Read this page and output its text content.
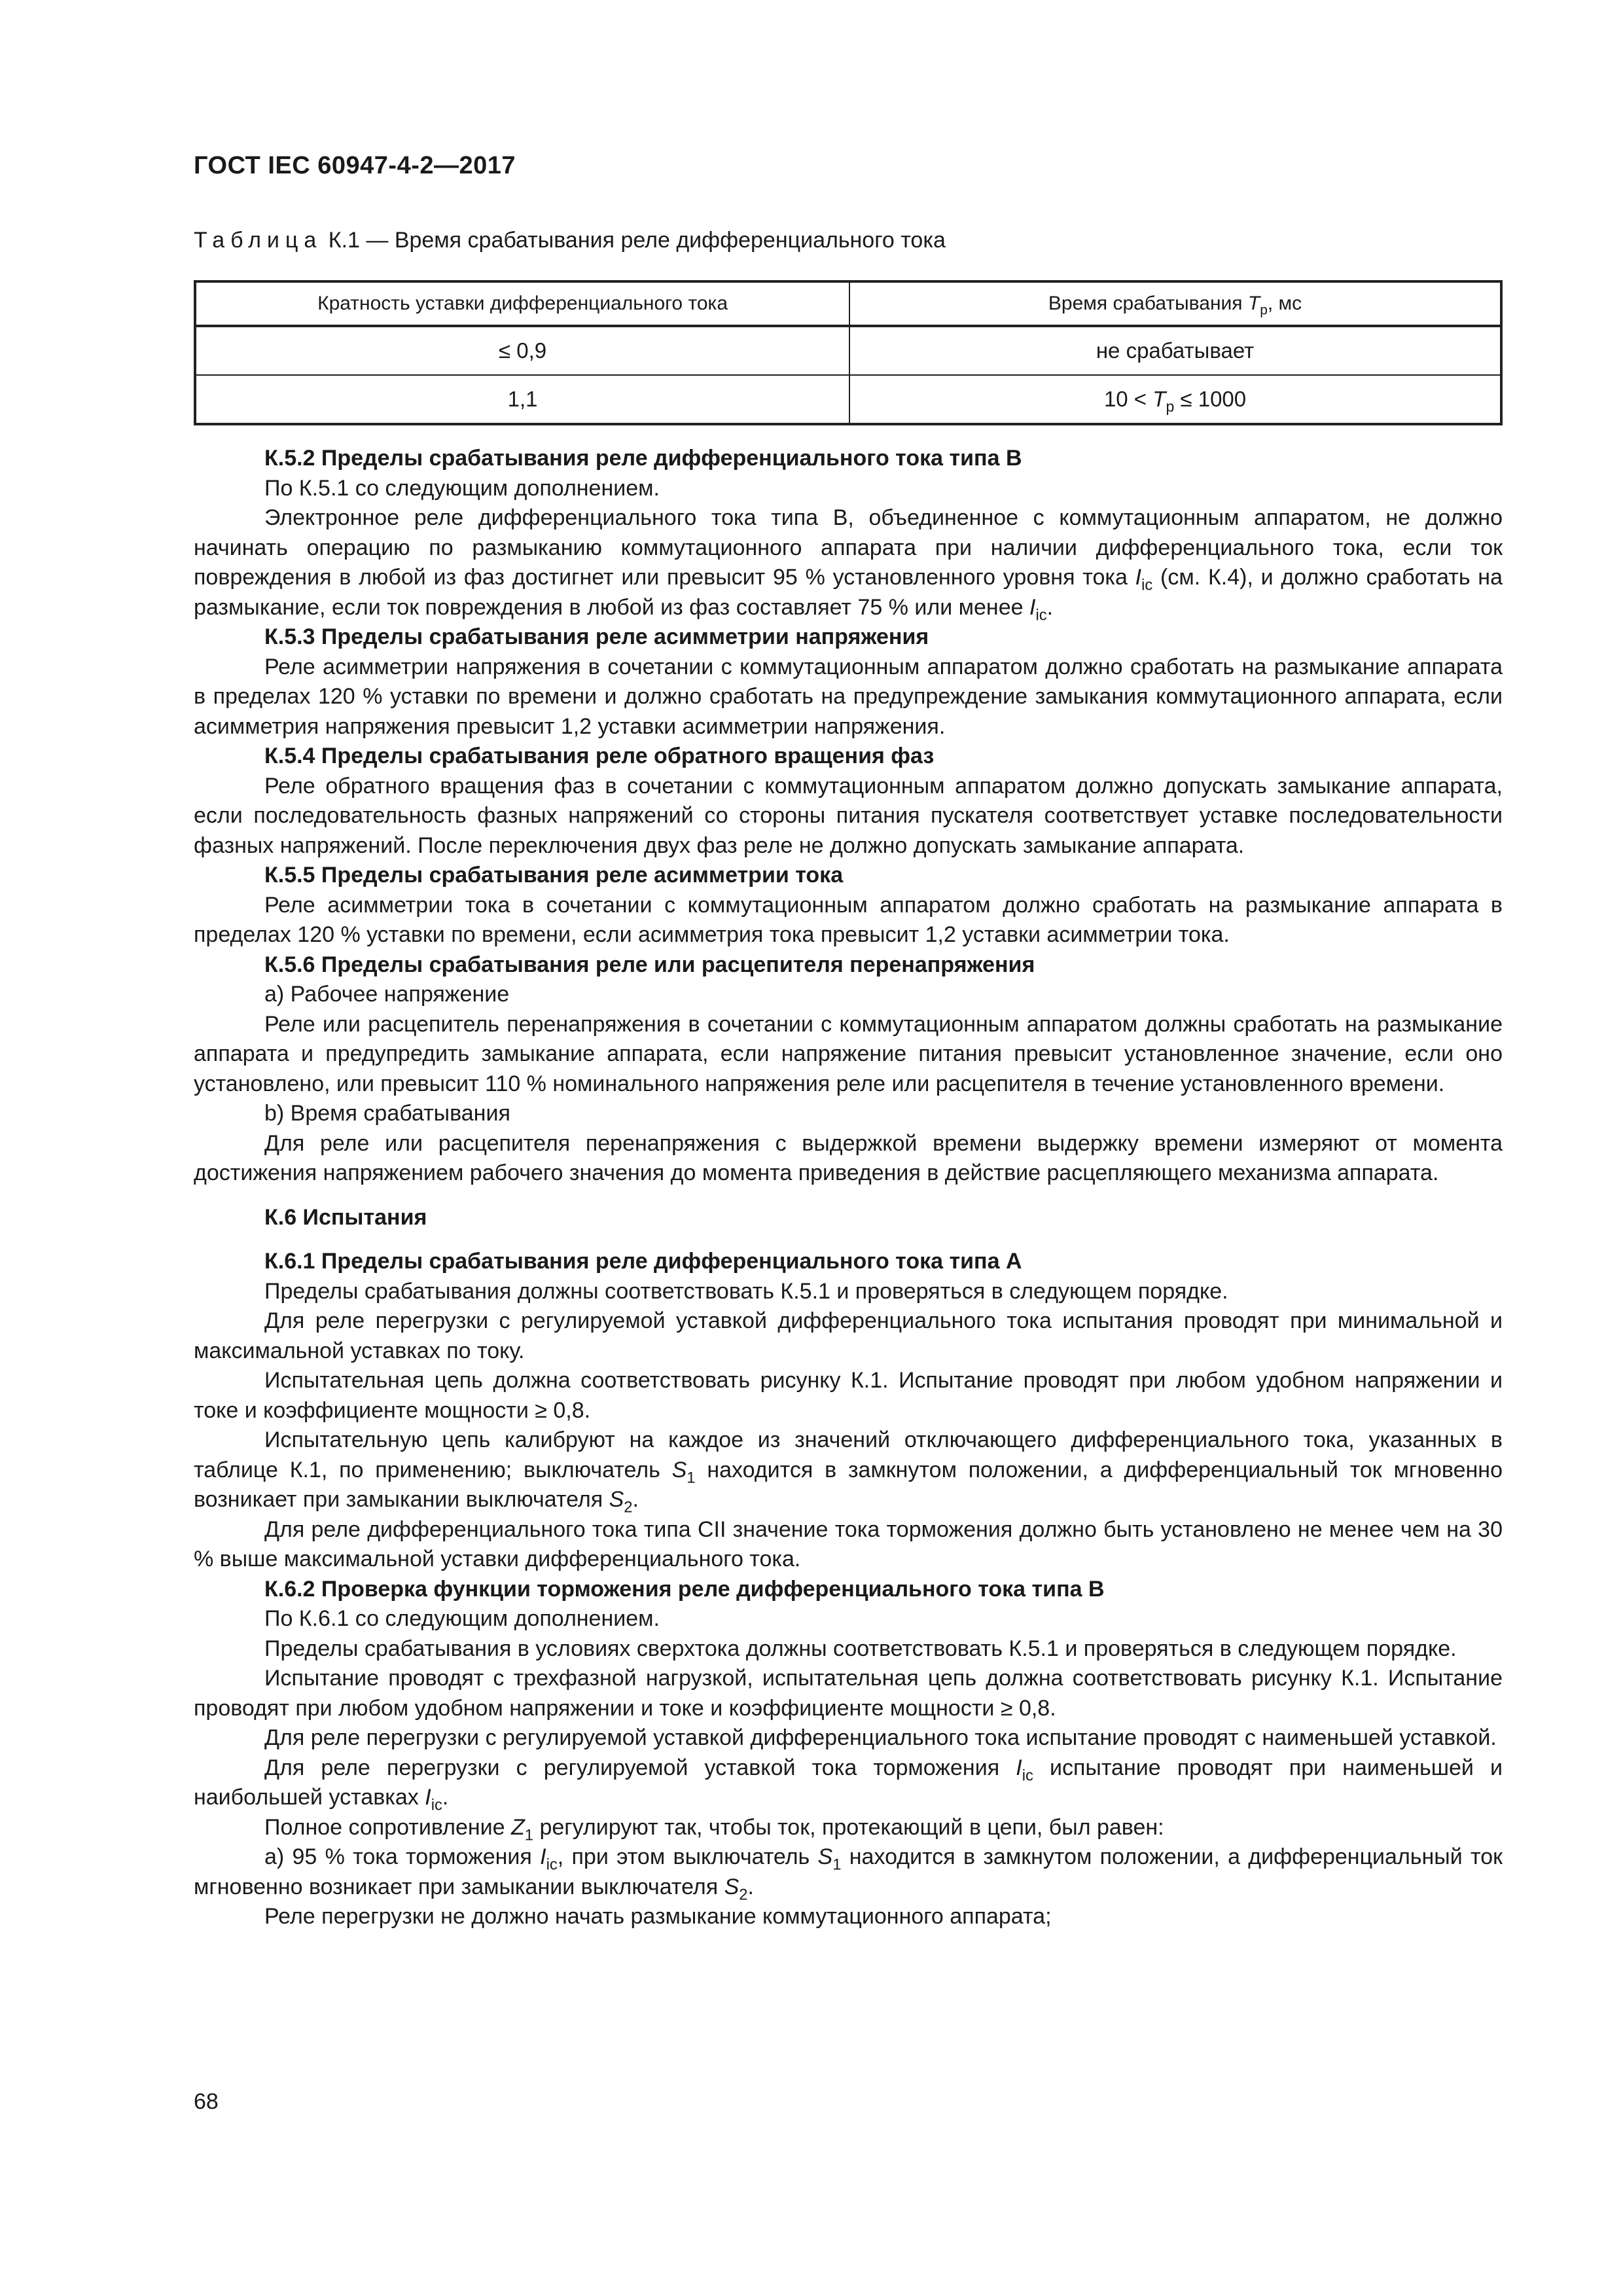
ГОСТ IEC 60947-4-2—2017
Таблица К.1 — Время срабатывания реле дифференциального тока
Кратность уставки дифференциального тока	Время срабатывания $T_p$, мс
≤ 0,9	не срабатывает
1,1	$10 < T_p \le 1000$

К.5.2 Пределы срабатывания реле дифференциального тока типа В

По К.5.1 со следующим дополнением.

Электронное реле дифференциального тока типа В, объединенное с коммутационным аппаратом, не должно начинать операцию по размыканию коммутационного аппарата при наличии дифференциального тока, если ток повреждения в любой из фаз достигнет или превысит 95 % установленного уровня тока $I_{ic}$ (см. К.4), и должно сработать на размыкание, если ток повреждения в любой из фаз составляет 75 % или менее $I_{ic}$.

К.5.3 Пределы срабатывания реле асимметрии напряжения

Реле асимметрии напряжения в сочетании с коммутационным аппаратом должно сработать на размыкание аппарата в пределах 120 % уставки по времени и должно сработать на предупреждение замыкания коммутационного аппарата, если асимметрия напряжения превысит 1,2 уставки асимметрии напряжения.

К.5.4 Пределы срабатывания реле обратного вращения фаз

Реле обратного вращения фаз в сочетании с коммутационным аппаратом должно допускать замыкание аппарата, если последовательность фазных напряжений со стороны питания пускателя соответствует уставке последовательности фазных напряжений. После переключения двух фаз реле не должно допускать замыкание аппарата.

К.5.5 Пределы срабатывания реле асимметрии тока

Реле асимметрии тока в сочетании с коммутационным аппаратом должно сработать на размыкание аппарата в пределах 120 % уставки по времени, если асимметрия тока превысит 1,2 уставки асимметрии тока.

К.5.6 Пределы срабатывания реле или расцепителя перенапряжения

а) Рабочее напряжение

Реле или расцепитель перенапряжения в сочетании с коммутационным аппаратом должны сработать на размыкание аппарата и предупредить замыкание аппарата, если напряжение питания превысит установленное значение, если оно установлено, или превысит 110 % номинального напряжения реле или расцепителя в течение установленного времени.

b) Время срабатывания

Для реле или расцепителя перенапряжения с выдержкой времени выдержку времени измеряют от момента достижения напряжением рабочего значения до момента приведения в действие расцепляющего механизма аппарата.

К.6 Испытания

К.6.1 Пределы срабатывания реле дифференциального тока типа А

Пределы срабатывания должны соответствовать К.5.1 и проверяться в следующем порядке.

Для реле перегрузки с регулируемой уставкой дифференциального тока испытания проводят при минимальной и максимальной уставках по току.

Испытательная цепь должна соответствовать рисунку К.1. Испытание проводят при любом удобном напряжении и токе и коэффициенте мощности ≥ 0,8.

Испытательную цепь калибруют на каждое из значений отключающего дифференциального тока, указанных в таблице К.1, по применению; выключатель $S_1$ находится в замкнутом положении, а дифференциальный ток мгновенно возникает при замыкании выключателя $S_2$.

Для реле дифференциального тока типа СII значение тока торможения должно быть установлено не менее чем на 30 % выше максимальной уставки дифференциального тока.

К.6.2 Проверка функции торможения реле дифференциального тока типа В

По К.6.1 со следующим дополнением.

Пределы срабатывания в условиях сверхтока должны соответствовать К.5.1 и проверяться в следующем порядке.

Испытание проводят с трехфазной нагрузкой, испытательная цепь должна соответствовать рисунку К.1. Испытание проводят при любом удобном напряжении и токе и коэффициенте мощности ≥ 0,8.

Для реле перегрузки с регулируемой уставкой дифференциального тока испытание проводят с наименьшей уставкой.

Для реле перегрузки с регулируемой уставкой тока торможения $I_{ic}$ испытание проводят при наименьшей и наибольшей уставках $I_{ic}$.

Полное сопротивление $Z_1$ регулируют так, чтобы ток, протекающий в цепи, был равен:

а) 95 % тока торможения $I_{ic}$, при этом выключатель $S_1$ находится в замкнутом положении, а дифференциальный ток мгновенно возникает при замыкании выключателя $S_2$.

Реле перегрузки не должно начать размыкание коммутационного аппарата;

68
